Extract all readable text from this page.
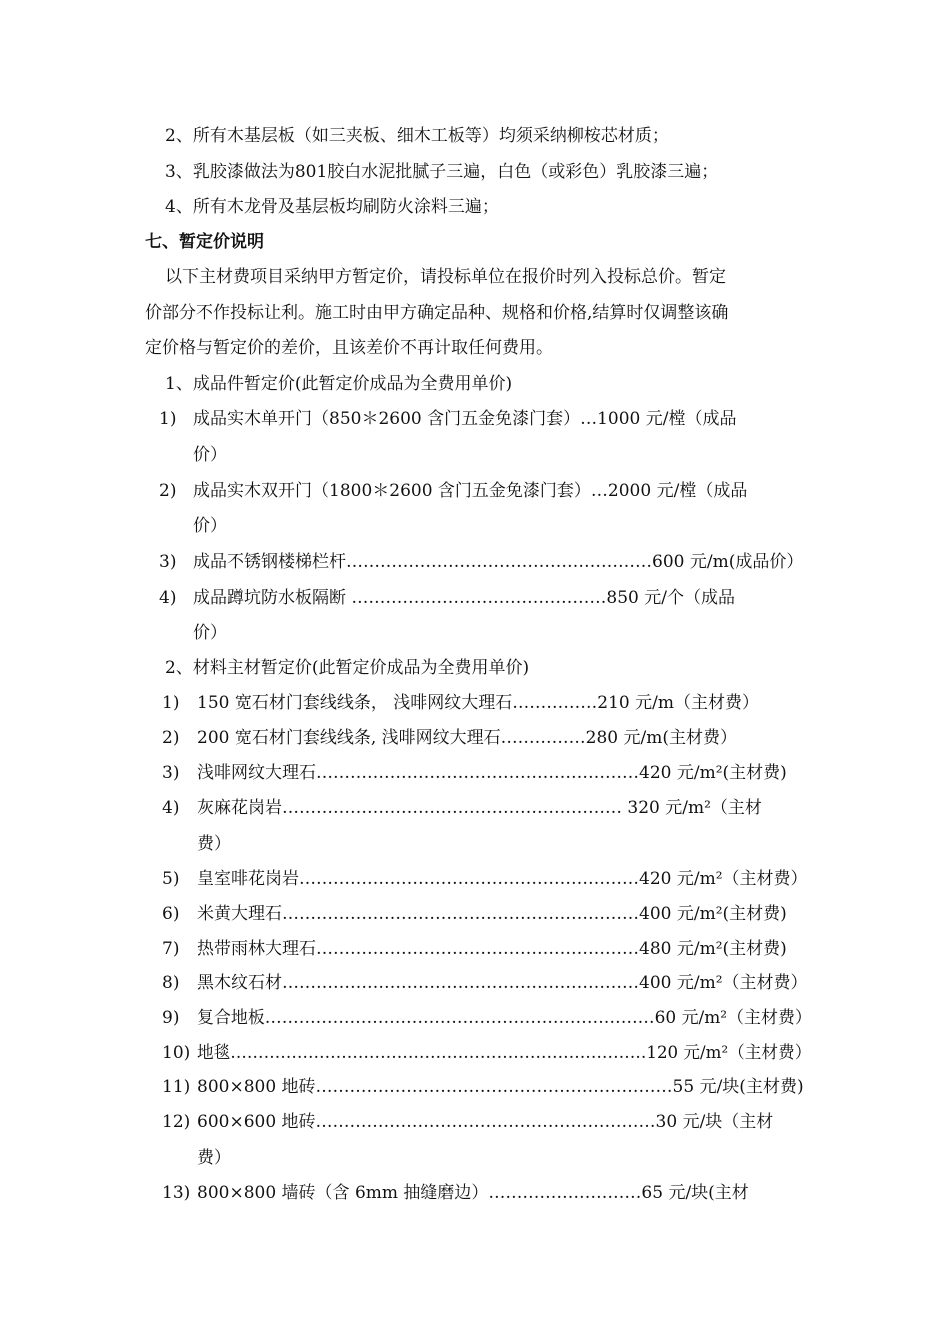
2、所有木基层板（如三夹板、细木工板等）均须采纳柳桉芯材质；
3、乳胶漆做法为801胶白水泥批腻子三遍，白色（或彩色）乳胶漆三遍；
4、所有木龙骨及基层板均刷防火涂料三遍；
七、暂定价说明
以下主材费项目采纳甲方暂定价，请投标单位在报价时列入投标总价。暂定
价部分不作投标让利。施工时由甲方确定品种、规格和价格,结算时仅调整该确
定价格与暂定价的差价，且该差价不再计取任何费用。
1、成品件暂定价(此暂定价成品为全费用单价)
1) 成品实木单开门（850＊2600 含门五金免漆门套）…1000 元/樘（成品
价）
2) 成品实木双开门（1800＊2600 含门五金免漆门套）…2000 元/樘（成品
价）
3) 成品不锈钢楼梯栏杆………………………………………………600 元/m(成品价）
4) 成品蹲坑防水板隔断 ………………………………………850 元/个（成品
价）
2、材料主材暂定价(此暂定价成品为全费用单价)
1) 150 宽石材门套线线条， 浅啡网纹大理石……………210 元/m（主材费）
2) 200 宽石材门套线线条, 浅啡网纹大理石……………280 元/m(主材费）
3) 浅啡网纹大理石…………………………………………………420 元/m²(主材费)
4) 灰麻花岗岩…………………………………………………… 320 元/m²（主材
费）
5) 皇室啡花岗岩……………………………………………………420 元/m²（主材费）
6) 米黄大理石………………………………………………………400 元/m²(主材费)
7) 热带雨林大理石…………………………………………………480 元/m²(主材费)
8) 黑木纹石材………………………………………………………400 元/m²（主材费）
9) 复合地板……………………………………………………………60 元/m²（主材费）
10) 地毯…………………………………………………………………120 元/m²（主材费）
11) 800×800 地砖………………………………………………………55 元/块(主材费)
12) 600×600 地砖……………………………………………………30 元/块（主材
费）
13) 800×800 墙砖（含 6mm 抽缝磨边）………………………65 元/块(主材
